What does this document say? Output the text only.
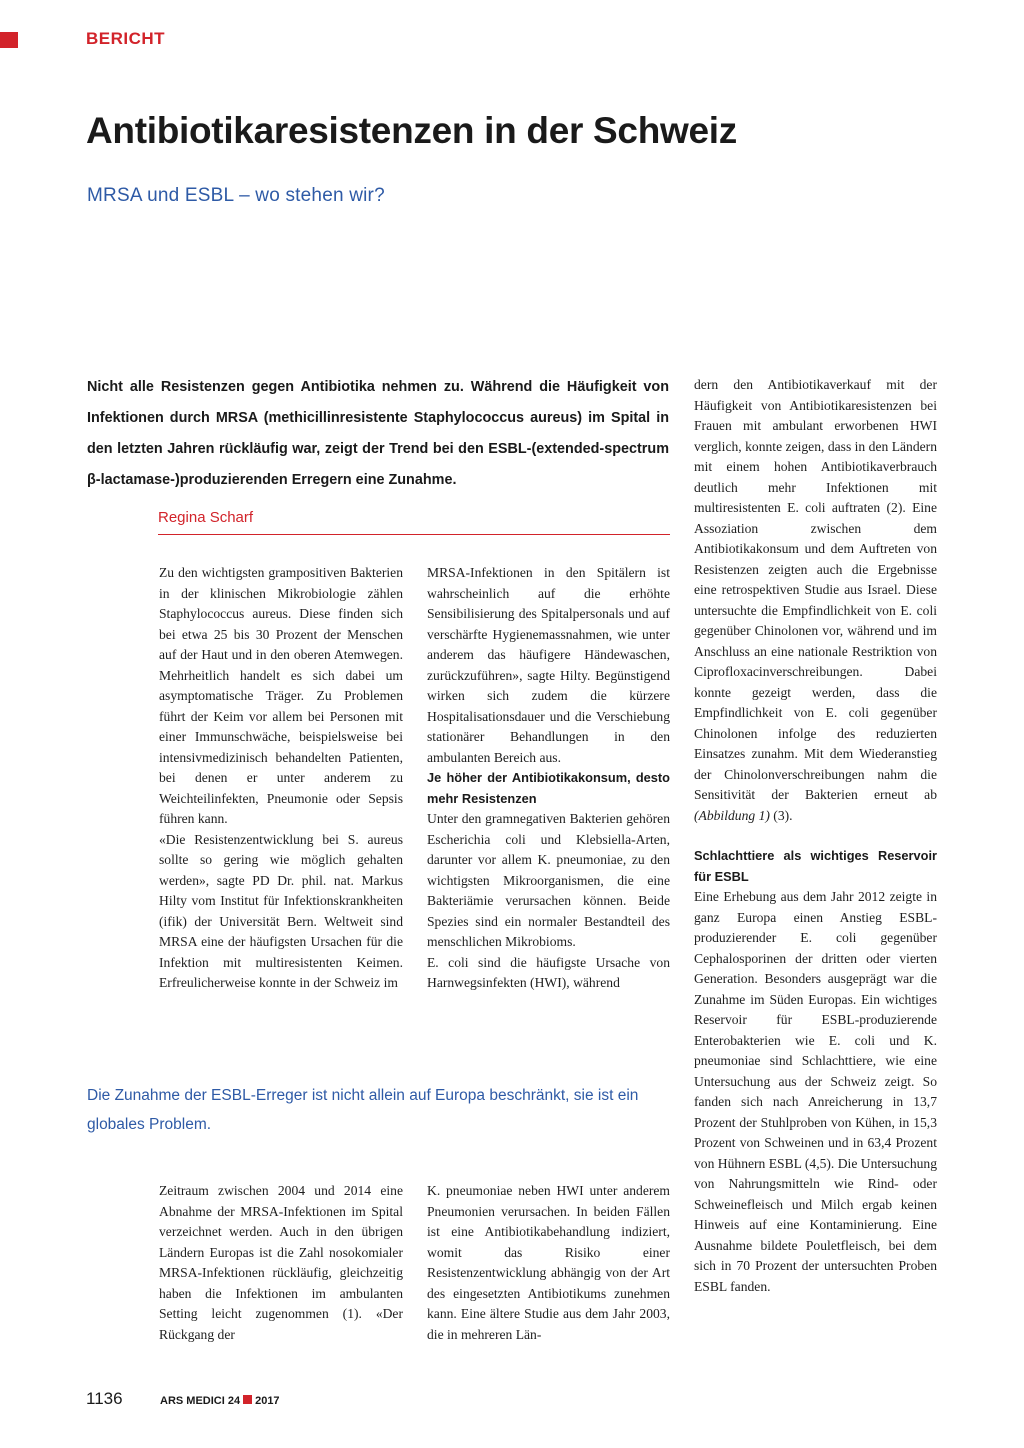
BERICHT
Antibiotikaresistenzen in der Schweiz
MRSA und ESBL – wo stehen wir?

Nicht alle Resistenzen gegen Antibiotika nehmen zu. Während die Häufigkeit von Infektionen durch MRSA (methicillinresistente Staphylococcus aureus) im Spital in den letzten Jahren rückläufig war, zeigt der Trend bei den ESBL-(extended-spectrum β-lactamase-)produzierenden Erregern eine Zunahme.

Regina Scharf

Zu den wichtigsten grampositiven Bakterien in der klinischen Mikrobiologie zählen Staphylococcus aureus. Diese finden sich bei etwa 25 bis 30 Prozent der Menschen auf der Haut und in den oberen Atemwegen. Mehrheitlich handelt es sich dabei um asymptomatische Träger. Zu Problemen führt der Keim vor allem bei Personen mit einer Immunschwäche, beispielsweise bei intensivmedizinisch behandelten Patienten, bei denen er unter anderem zu Weichteilinfekten, Pneumonie oder Sepsis führen kann.

«Die Resistenzentwicklung bei S. aureus sollte so gering wie möglich gehalten werden», sagte PD Dr. phil. nat. Markus Hilty vom Institut für Infektionskrankheiten (ifik) der Universität Bern. Weltweit sind MRSA eine der häufigsten Ursachen für die Infektion mit multiresistenten Keimen. Erfreulicherweise konnte in der Schweiz im

MRSA-Infektionen in den Spitälern ist wahrscheinlich auf die erhöhte Sensibilisierung des Spitalpersonals und auf verschärfte Hygienemassnahmen, wie unter anderem das häufigere Händewaschen, zurückzuführen», sagte Hilty. Begünstigend wirken sich zudem die kürzere Hospitalisationsdauer und die Verschiebung stationärer Behandlungen in den ambulanten Bereich aus.

Je höher der Antibiotikakonsum, desto mehr Resistenzen

Unter den gramnegativen Bakterien gehören Escherichia coli und Klebsiella-Arten, darunter vor allem K. pneumoniae, zu den wichtigsten Mikroorganismen, die eine Bakteriämie verursachen können. Beide Spezies sind ein normaler Bestandteil des menschlichen Mikrobioms.

E. coli sind die häufigste Ursache von Harnwegsinfekten (HWI), während

Die Zunahme der ESBL-Erreger ist nicht allein auf Europa beschränkt, sie ist ein globales Problem.

Zeitraum zwischen 2004 und 2014 eine Abnahme der MRSA-Infektionen im Spital verzeichnet werden. Auch in den übrigen Ländern Europas ist die Zahl nosokomialer MRSA-Infektionen rückläufig, gleichzeitig haben die Infektionen im ambulanten Setting leicht zugenommen (1). «Der Rückgang der

K. pneumoniae neben HWI unter anderem Pneumonien verursachen. In beiden Fällen ist eine Antibiotikabehandlung indiziert, womit das Risiko einer Resistenzentwicklung abhängig von der Art des eingesetzten Antibiotikums zunehmen kann. Eine ältere Studie aus dem Jahr 2003, die in mehreren Län-

dern den Antibiotikaverkauf mit der Häufigkeit von Antibiotikaresistenzen bei Frauen mit ambulant erworbenen HWI verglich, konnte zeigen, dass in den Ländern mit einem hohen Antibiotikaverbrauch deutlich mehr Infektionen mit multiresistenten E. coli auftraten (2). Eine Assoziation zwischen dem Antibiotikakonsum und dem Auftreten von Resistenzen zeigten auch die Ergebnisse eine retrospektiven Studie aus Israel. Diese untersuchte die Empfindlichkeit von E. coli gegenüber Chinolonen vor, während und im Anschluss an eine nationale Restriktion von Ciprofloxacinverschreibungen. Dabei konnte gezeigt werden, dass die Empfindlichkeit von E. coli gegenüber Chinolonen infolge des reduzierten Einsatzes zunahm. Mit dem Wiederanstieg der Chinolonverschreibungen nahm die Sensitivität der Bakterien erneut ab (Abbildung 1) (3).

Schlachttiere als wichtiges Reservoir für ESBL

Eine Erhebung aus dem Jahr 2012 zeigte in ganz Europa einen Anstieg ESBL-produzierender E. coli gegenüber Cephalosporinen der dritten oder vierten Generation. Besonders ausgeprägt war die Zunahme im Süden Europas. Ein wichtiges Reservoir für ESBL-produzierende Enterobakterien wie E. coli und K. pneumoniae sind Schlachttiere, wie eine Untersuchung aus der Schweiz zeigt. So fanden sich nach Anreicherung in 13,7 Prozent der Stuhlproben von Kühen, in 15,3 Prozent von Schweinen und in 63,4 Prozent von Hühnern ESBL (4,5). Die Untersuchung von Nahrungsmitteln wie Rind- oder Schweinefleisch und Milch ergab keinen Hinweis auf eine Kontaminierung. Eine Ausnahme bildete Pouletfleisch, bei dem sich in 70 Prozent der untersuchten Proben ESBL fanden.

1136	ARS MEDICI 24 2017
